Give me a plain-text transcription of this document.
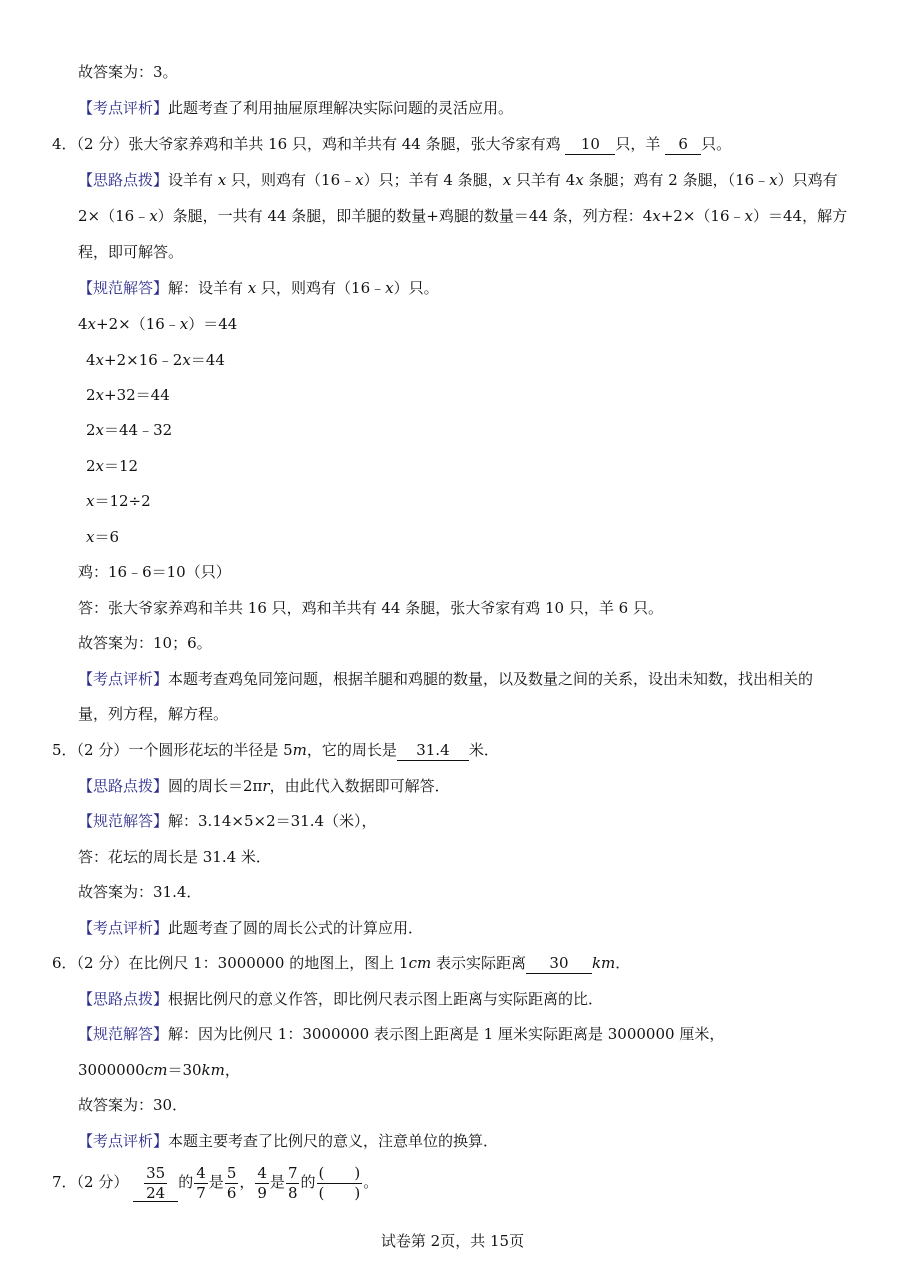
故答案为：3。
【考点评析】此题考查了利用抽屉原理解决实际问题的灵活应用。
4．（2 分）张大爷家养鸡和羊共 16 只，鸡和羊共有 44 条腿，张大爷家有鸡 10 只，羊 6 只。
【思路点拨】设羊有 x 只，则鸡有（16﹣x）只；羊有 4 条腿，x 只羊有 4x 条腿；鸡有 2 条腿，（16﹣x）只鸡有
2×（16﹣x）条腿，一共有 44 条腿，即羊腿的数量+鸡腿的数量＝44 条，列方程：4x+2×（16﹣x）＝44，解方
程，即可解答。
【规范解答】解：设羊有 x 只，则鸡有（16﹣x）只。
4x+2×（16﹣x）＝44
4x+2×16﹣2x＝44
2x+32＝44
2x＝44﹣32
2x＝12
x＝12÷2
x＝6
鸡：16﹣6＝10（只）
答：张大爷家养鸡和羊共 16 只，鸡和羊共有 44 条腿，张大爷家有鸡 10 只，羊 6 只。
故答案为：10；6。
【考点评析】本题考查鸡兔同笼问题，根据羊腿和鸡腿的数量，以及数量之间的关系，设出未知数，找出相关的
量，列方程，解方程。
5．（2 分）一个圆形花坛的半径是 5m，它的周长是 31.4 米．
【思路点拨】圆的周长＝2πr，由此代入数据即可解答．
【规范解答】解：3.14×5×2＝31.4（米），
答：花坛的周长是 31.4 米．
故答案为：31.4．
【考点评析】此题考查了圆的周长公式的计算应用．
6．（2 分）在比例尺 1：3000000 的地图上，图上 1cm 表示实际距离 30 km．
【思路点拨】根据比例尺的意义作答，即比例尺表示图上距离与实际距离的比．
【规范解答】解：因为比例尺 1：3000000 表示图上距离是 1 厘米实际距离是 3000000 厘米，
3000000cm＝30km，
故答案为：30．
【考点评析】本题主要考查了比例尺的意义，注意单位的换算．
7．（2 分） $\frac{35}{24}$ 的 $\frac{4}{7}$ 是 $\frac{5}{6}$ ， $\frac{4}{9}$ 是 $\frac{7}{8}$ 的 $\frac{( )}{( )}$ 。
试卷第 2页，共 15页
